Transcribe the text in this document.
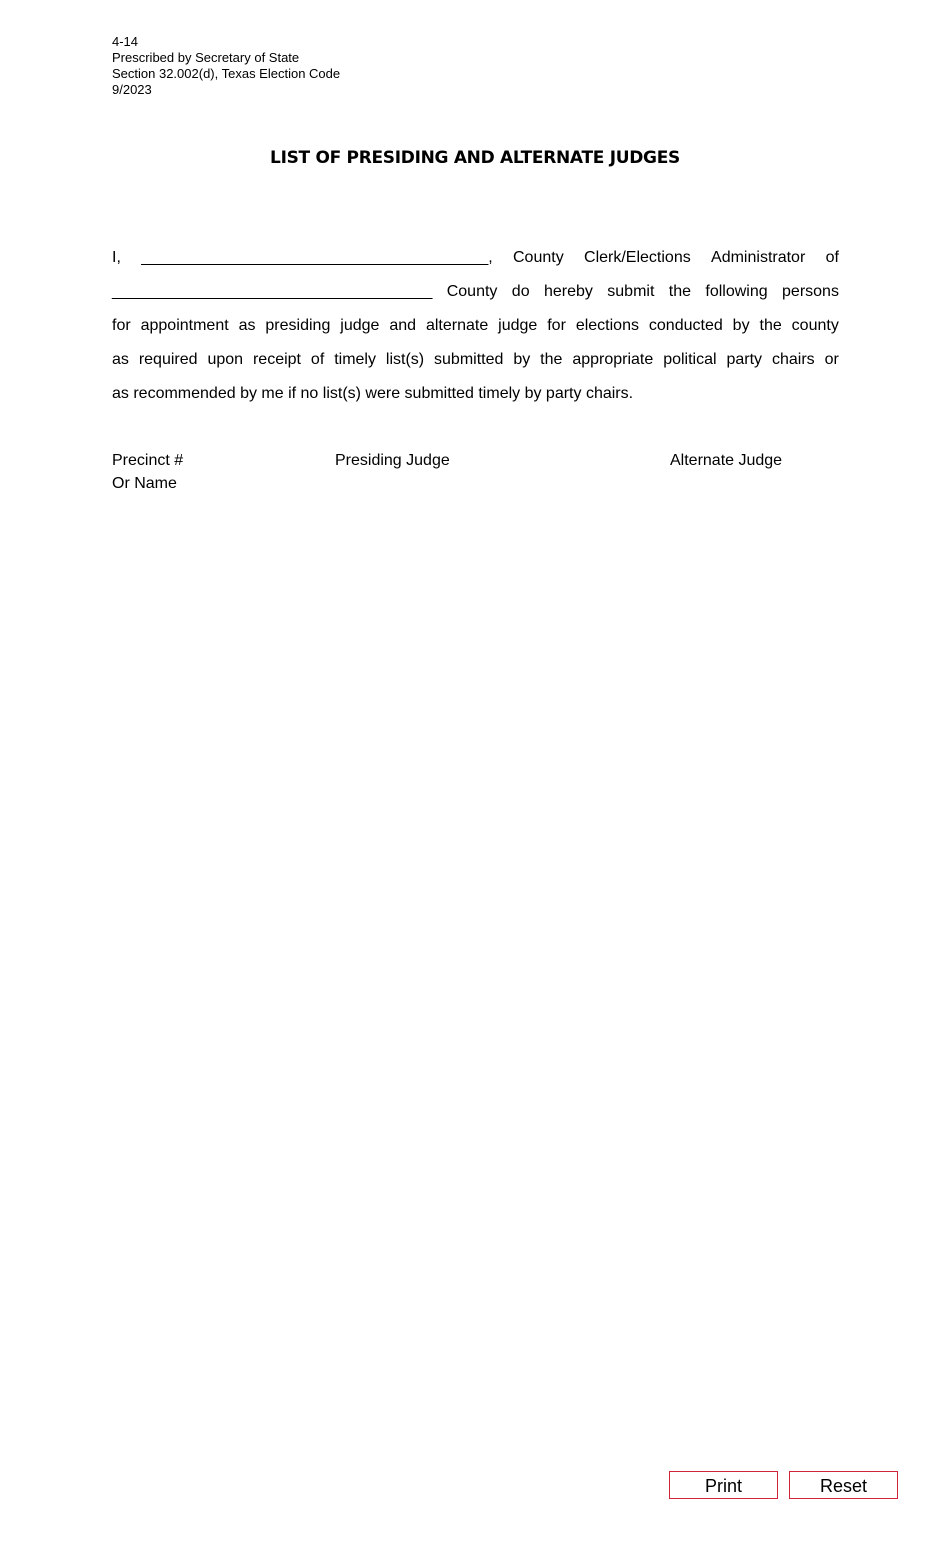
4-14
Prescribed by Secretary of State
Section 32.002(d), Texas Election Code
9/2023
LIST OF PRESIDING AND ALTERNATE JUDGES
I, _______________________________________, County Clerk/Elections Administrator of
____________________________________ County do hereby submit the following persons
for appointment as presiding judge and alternate judge for elections conducted by the county
as required upon receipt of timely list(s) submitted by the appropriate political party chairs or
as recommended by me if no list(s) were submitted timely by party chairs.
Precinct #
Or Name
Presiding Judge	Alternate Judge
Print	Reset
